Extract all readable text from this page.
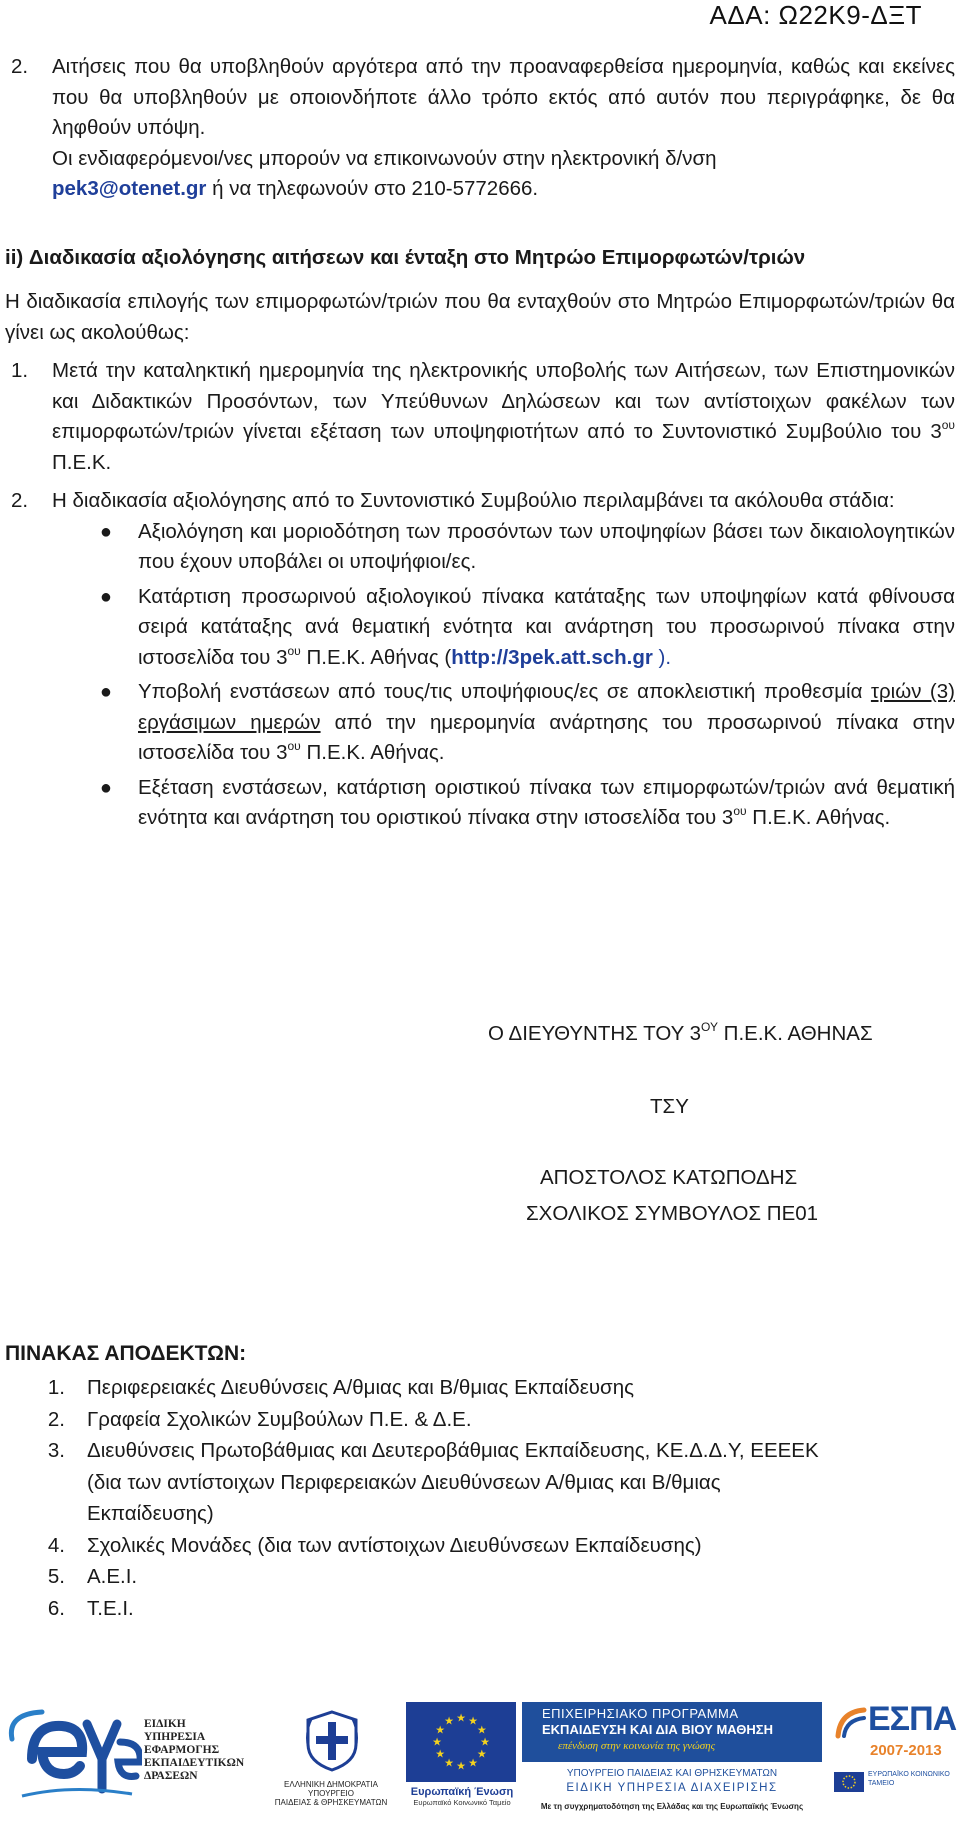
ΑΔΑ: Ω22Κ9-ΔΞΤ
2.	Αιτήσεις που θα υποβληθούν αργότερα από την προαναφερθείσα ημερομηνία, καθώς και εκείνες που θα υποβληθούν με οποιονδήποτε άλλο τρόπο εκτός από αυτόν που περιγράφηκε, δε θα ληφθούν υπόψη.
Οι ενδιαφερόμενοι/νες μπορούν να επικοινωνούν στην ηλεκτρονική δ/νση
pek3@otenet.gr ή να τηλεφωνούν στο 210-5772666.
ii) Διαδικασία αξιολόγησης αιτήσεων και ένταξη στο Μητρώο Επιμορφωτών/τριών
Η διαδικασία επιλογής των επιμορφωτών/τριών που θα ενταχθούν στο Μητρώο Επιμορφωτών/τριών θα γίνει ως ακολούθως:
1.	Μετά την καταληκτική ημερομηνία της ηλεκτρονικής υποβολής των Αιτήσεων, των Επιστημονικών και Διδακτικών Προσόντων, των Υπεύθυνων Δηλώσεων και των αντίστοιχων φακέλων των επιμορφωτών/τριών γίνεται εξέταση των υποψηφιοτήτων από το Συντονιστικό Συμβούλιο του $3^{o\upsilon}$ Π.Ε.Κ.
2.	Η διαδικασία αξιολόγησης από το Συντονιστικό Συμβούλιο περιλαμβάνει τα ακόλουθα στάδια:
●	Αξιολόγηση και μοριοδότηση των προσόντων των υποψηφίων βάσει των δικαιολογητικών που έχουν υποβάλει οι υποψήφιοι/ες.
●	Κατάρτιση προσωρινού αξιολογικού πίνακα κατάταξης των υποψηφίων κατά φθίνουσα σειρά κατάταξης ανά θεματική ενότητα και ανάρτηση του προσωρινού πίνακα στην ιστοσελίδα του $3^{o\upsilon}$ Π.Ε.Κ. Αθήνας (http://3pek.att.sch.gr ).
●	Υποβολή ενστάσεων από τους/τις υποψήφιους/ες σε αποκλειστική προθεσμία τριών (3) εργάσιμων ημερών από την ημερομηνία ανάρτησης του προσωρινού πίνακα στην ιστοσελίδα του $3^{o\upsilon}$ Π.Ε.Κ. Αθήνας.
●	Εξέταση ενστάσεων, κατάρτιση οριστικού πίνακα των επιμορφωτών/τριών ανά θεματική ενότητα και ανάρτηση του οριστικού πίνακα στην ιστοσελίδα του $3^{o\upsilon}$ Π.Ε.Κ. Αθήνας.
Ο ΔΙΕΥΘΥΝΤΗΣ ΤΟΥ $3^{O\Upsilon}$ Π.Ε.Κ. ΑΘΗΝΑΣ
ΤΣΥ
ΑΠΟΣΤΟΛΟΣ ΚΑΤΩΠΟΔΗΣ
ΣΧΟΛΙΚΟΣ ΣΥΜΒΟΥΛΟΣ ΠΕ01
ΠΙΝΑΚΑΣ ΑΠΟΔΕΚΤΩΝ:
1.	Περιφερειακές Διευθύνσεις Α/θμιας και Β/θμιας Εκπαίδευσης
2.	Γραφεία Σχολικών Συμβούλων Π.Ε. & Δ.Ε.
3.	Διευθύνσεις Πρωτοβάθμιας και Δευτεροβάθμιας Εκπαίδευσης, ΚΕ.Δ.Δ.Υ, ΕΕΕΕΚ (δια των αντίστοιχων Περιφερειακών Διευθύνσεων Α/θμιας και Β/θμιας Εκπαίδευσης)
4.	Σχολικές Μονάδες (δια των αντίστοιχων Διευθύνσεων Εκπαίδευσης)
5.	Α.Ε.Ι.
6.	Τ.Ε.Ι.
ΕΙΔΙΚΗ
ΥΠΗΡΕΣΙΑ
ΕΦΑΡΜΟΓΗΣ
ΕΚΠΑΙΔΕΥΤΙΚΩΝ
ΔΡΑΣΕΩΝ
ΕΛΛΗΝΙΚΗ ΔΗΜΟΚΡΑΤΙΑ
ΥΠΟΥΡΓΕΙΟ
ΠΑΙΔΕΙΑΣ & ΘΡΗΣΚΕΥΜΑΤΩΝ
★
★
★
★
★
★
★
★
★ ★ ★
★
Ευρωπαϊκή Ένωση
Ευρωπαϊκό Κοινωνικό Ταμείο
ΕΠΙΧΕΙΡΗΣΙΑΚΟ ΠΡΟΓΡΑΜΜΑ
ΕΚΠΑΙΔΕΥΣΗ ΚΑΙ ΔΙΑ ΒΙΟΥ ΜΑΘΗΣΗ
επένδυση στην κοινωνία της γνώσης
ΥΠΟΥΡΓΕΙΟ ΠΑΙΔΕΙΑΣ ΚΑΙ ΘΡΗΣΚΕΥΜΑΤΩΝ
ΕΙΔΙΚΗ ΥΠΗΡΕΣΙΑ ΔΙΑΧΕΙΡΙΣΗΣ
Με τη συγχρηματοδότηση της Ελλάδας και της Ευρωπαϊκής Ένωσης
ΕΣΠΑ
2007-2013
ΕΥΡΩΠΑΪΚΟ ΚΟΙΝΩΝΙΚΟ ΤΑΜΕΙΟ
